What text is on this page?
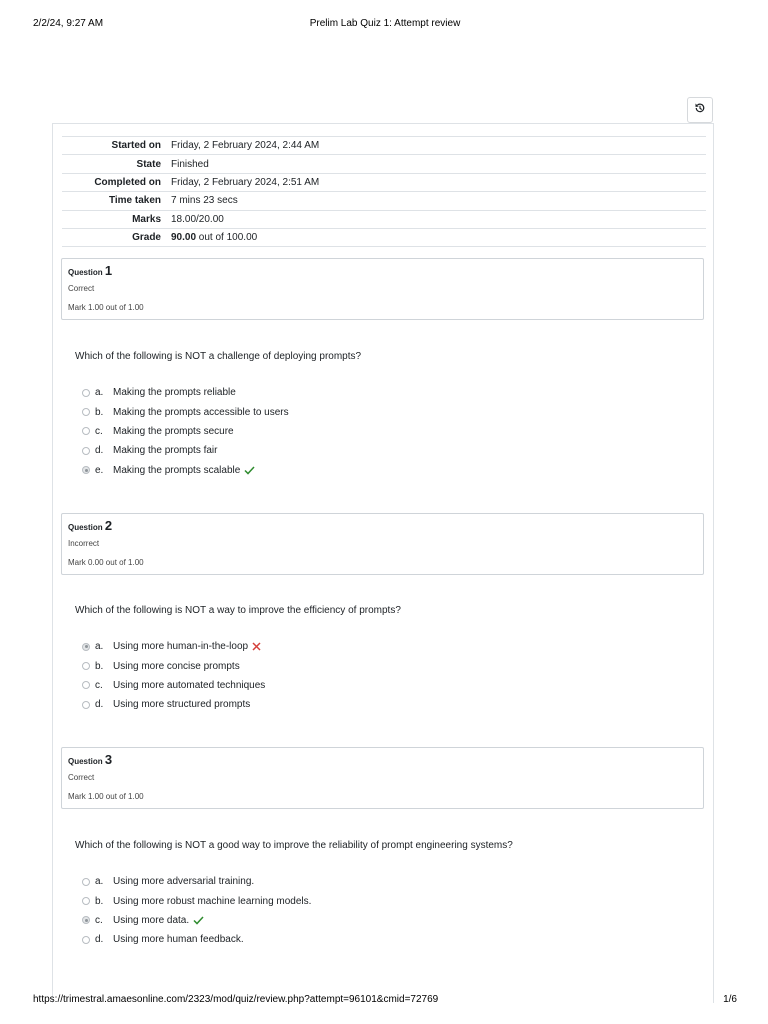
2/2/24, 9:27 AM	Prelim Lab Quiz 1: Attempt review
Started on	Friday, 2 February 2024, 2:44 AM
State	Finished
Completed on	Friday, 2 February 2024, 2:51 AM
Time taken	7 mins 23 secs
Marks	18.00/20.00
Grade	90.00 out of 100.00
Question 1
Correct
Mark 1.00 out of 1.00
Which of the following is NOT a challenge of deploying prompts?
a. Making the prompts reliable
b. Making the prompts accessible to users
c.	Making the prompts secure
d. Making the prompts fair
e. Making the prompts scalable
Question 2
Incorrect
Mark 0.00 out of 1.00
Which of the following is NOT a way to improve the efficiency of prompts?
a. Using more human-in-the-loop
b. Using more concise prompts
c.	Using more automated techniques
d. Using more structured prompts
Question 3
Correct
Mark 1.00 out of 1.00
Which of the following is NOT a good way to improve the reliability of prompt engineering systems?
a. Using more adversarial training.
b. Using more robust machine learning models.
c.	Using more data.
d. Using more human feedback.
https://trimestral.amaesonline.com/2323/mod/quiz/review.php?attempt=96101&cmid=72769	1/6
